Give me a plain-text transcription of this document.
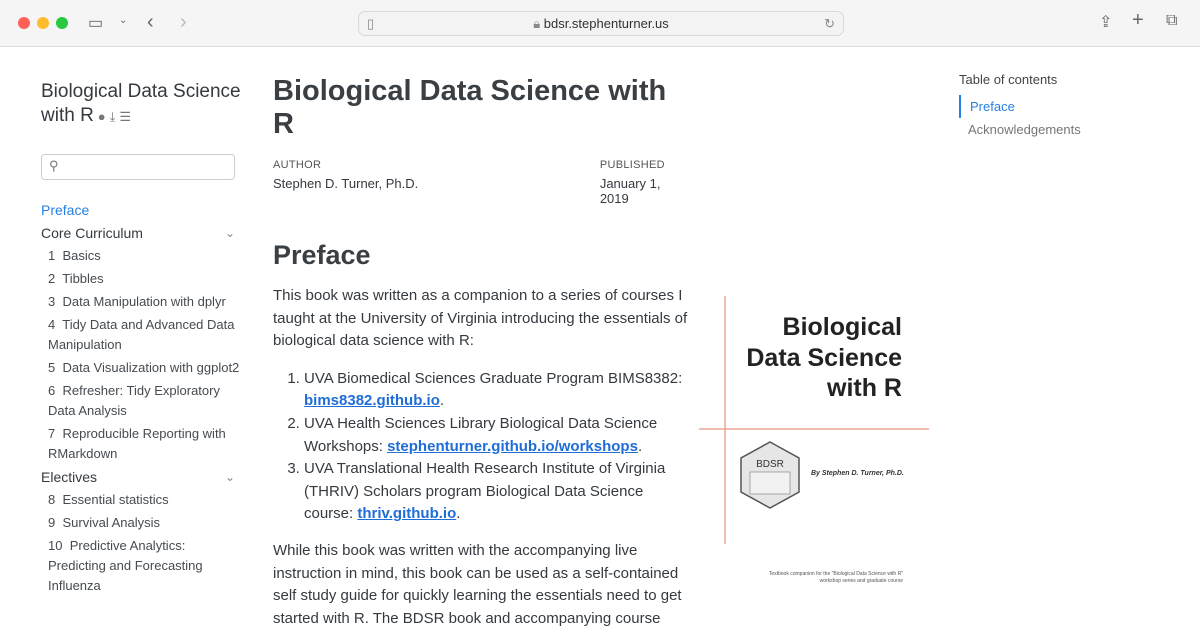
▭ ⌄ ‹ ›	▯	🔒︎ bdsr.stephenturner.us	↻	⇪ + ⧉
Biological Data Science with R ● ⤓ ☰
⚲
Preface
Core Curriculum	⌄
1 Basics
2 Tibbles
3 Data Manipulation with dplyr
4 Tidy Data and Advanced Data Manipulation
5 Data Visualization with ggplot2
6 Refresher: Tidy Exploratory Data Analysis
7 Reproducible Reporting with RMarkdown
Electives	⌄
8 Essential statistics
9 Survival Analysis
10 Predictive Analytics: Predicting and Forecasting Influenza
Biological Data Science with R
AUTHOR
Stephen D. Turner, Ph.D.
PUBLISHED
January 1, 2019
Preface

This book was written as a companion to a series of courses I taught at the University of Virginia introducing the essentials of biological data science with R:

1. UVA Biomedical Sciences Graduate Program BIMS8382: bims8382.github.io.
2. UVA Health Sciences Library Biological Data Science Workshops: stephenturner.github.io/workshops.
3. UVA Translational Health Research Institute of Virginia (THRIV) Scholars program Biological Data Science course: thriv.github.io.

While this book was written with the accompanying live instruction in mind, this book can be used as a self-contained self study guide for quickly learning the essentials need to get started with R. The BDSR book and accompanying course

Table of contents
Preface
Acknowledgements
Biological
Data Science
with R
BDSR
By Stephen D. Turner, Ph.D.
Textbook companion for the "Biological Data Science with R"
workshop series and graduate course
